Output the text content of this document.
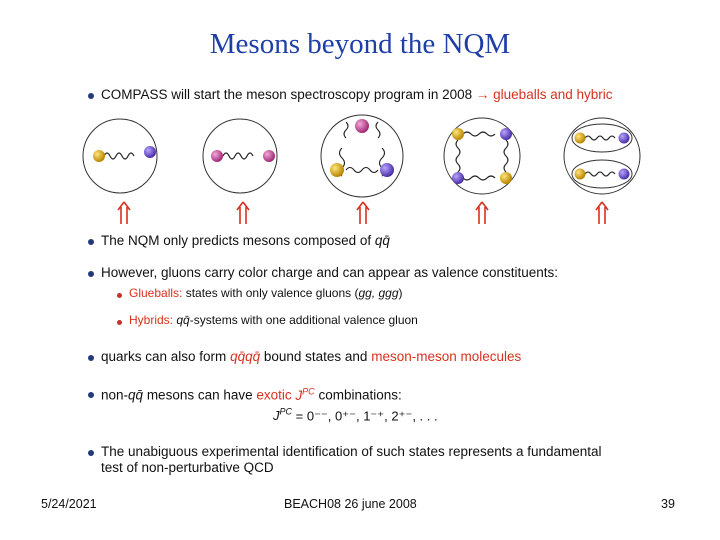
Mesons beyond the NQM
COMPASS will start the meson spectroscopy program in 2008 → glueballs and hybric
The NQM only predicts mesons composed of qq̄
However, gluons carry color charge and can appear as valence constituents:
Glueballs: states with only valence gluons (gg, ggg)
Hybrids: qq̄-systems with one additional valence gluon
quarks can also form qq̄qq̄ bound states and meson-meson molecules
non-qq̄ mesons can have exotic $J^{PC}$ combinations:
$J^{PC} = 0^{--}$, 0⁺⁻, 1⁻⁺, 2⁺⁻, . . .
The unabiguous experimental identification of such states represents a fundamental
test of non-perturbative QCD
5/24/2021	BEACH08 26 june 2008	39
